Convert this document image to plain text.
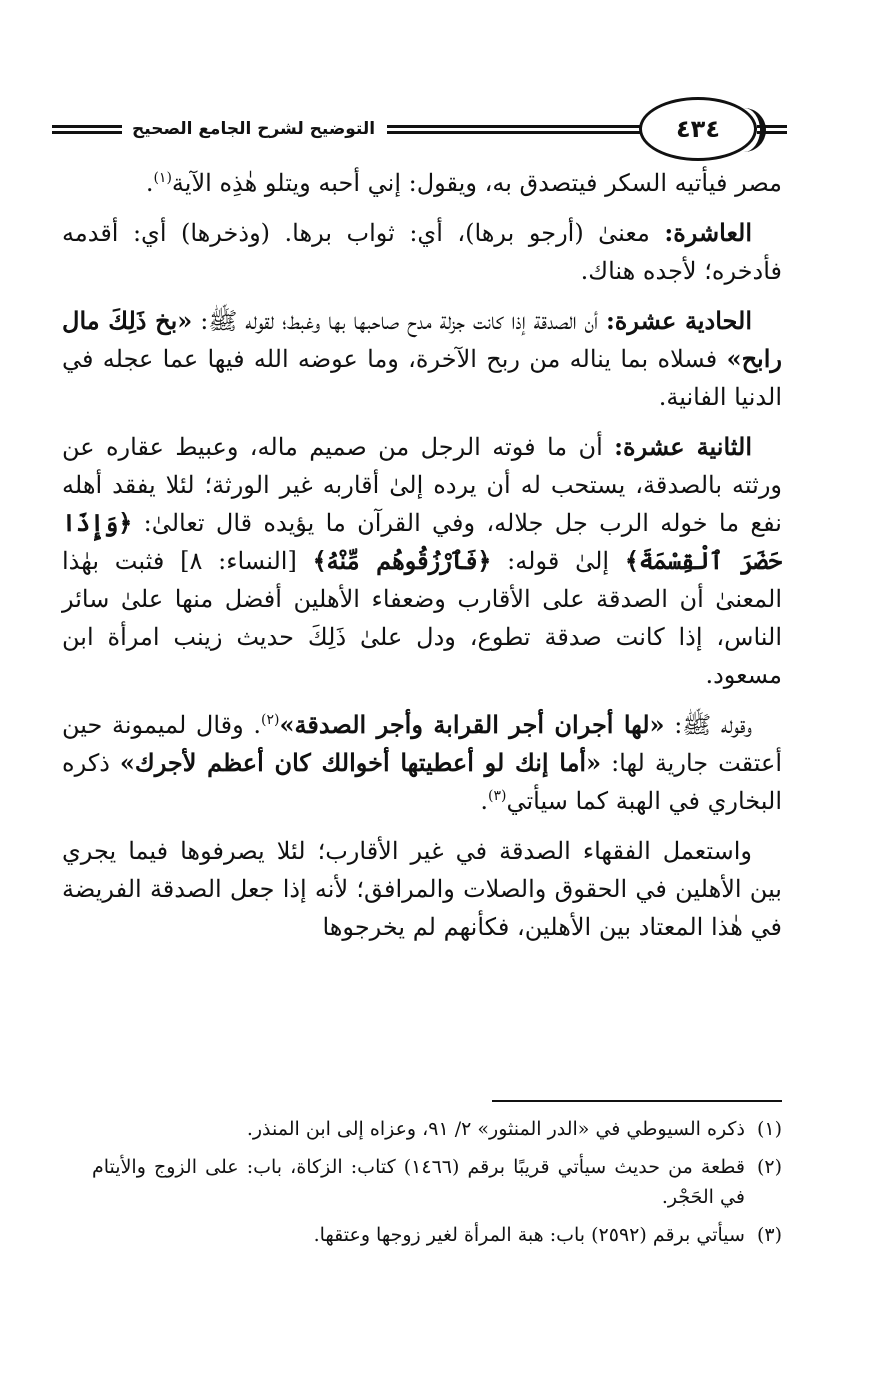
التوضيح لشرح الجامع الصحيح	٤٣٤

مصر فيأتيه السكر فيتصدق به، ويقول: إني أحبه ويتلو هٰذِه الآية$^{(١)}$.

العاشرة: معنىٰ (أرجو برها)، أي: ثواب برها. (وذخرها) أي: أقدمه فأدخره؛ لأجده هناك.

الحادية عشرة: أن الصدقة إذا كانت جزلة مدح صاحبها بها وغبط؛ لقوله ﷺ: «بخ ذَلِكَ مال رابح» فسلاه بما يناله من ربح الآخرة، وما عوضه الله فيها عما عجله في الدنيا الفانية.

الثانية عشرة: أن ما فوته الرجل من صميم ماله، وعبيط عقاره عن ورثته بالصدقة، يستحب له أن يرده إلىٰ أقاربه غير الورثة؛ لئلا يفقد أهله نفع ما خوله الرب جل جلاله، وفي القرآن ما يؤيده قال تعالىٰ: ﴿وَإِذَا حَضَرَ ٱلْقِسْمَةَ﴾ إلىٰ قوله: ﴿فَٱرْزُقُوهُم مِّنْهُ﴾ [النساء: ٨] فثبت بهٰذا المعنىٰ أن الصدقة على الأقارب وضعفاء الأهلين أفضل منها علىٰ سائر الناس، إذا كانت صدقة تطوع، ودل علىٰ ذَلِكَ حديث زينب امرأة ابن مسعود.

وقوله ﷺ: «لها أجران أجر القرابة وأجر الصدقة»$^{(٢)}$. وقال لميمونة حين أعتقت جارية لها: «أما إنك لو أعطيتها أخوالك كان أعظم لأجرك» ذكره البخاري في الهبة كما سيأتي$^{(٣)}$.

واستعمل الفقهاء الصدقة في غير الأقارب؛ لئلا يصرفوها فيما يجري بين الأهلين في الحقوق والصلات والمرافق؛ لأنه إذا جعل الصدقة الفريضة في هٰذا المعتاد بين الأهلين، فكأنهم لم يخرجوها

(١)
ذكره السيوطي في «الدر المنثور» ٢/ ٩١، وعزاه إلى ابن المنذر.
(٢)
قطعة من حديث سيأتي قريبًا برقم (١٤٦٦) كتاب: الزكاة، باب: على الزوج والأيتام في الحَجْر.
(٣)
سيأتي برقم (٢٥٩٢) باب: هبة المرأة لغير زوجها وعتقها.
